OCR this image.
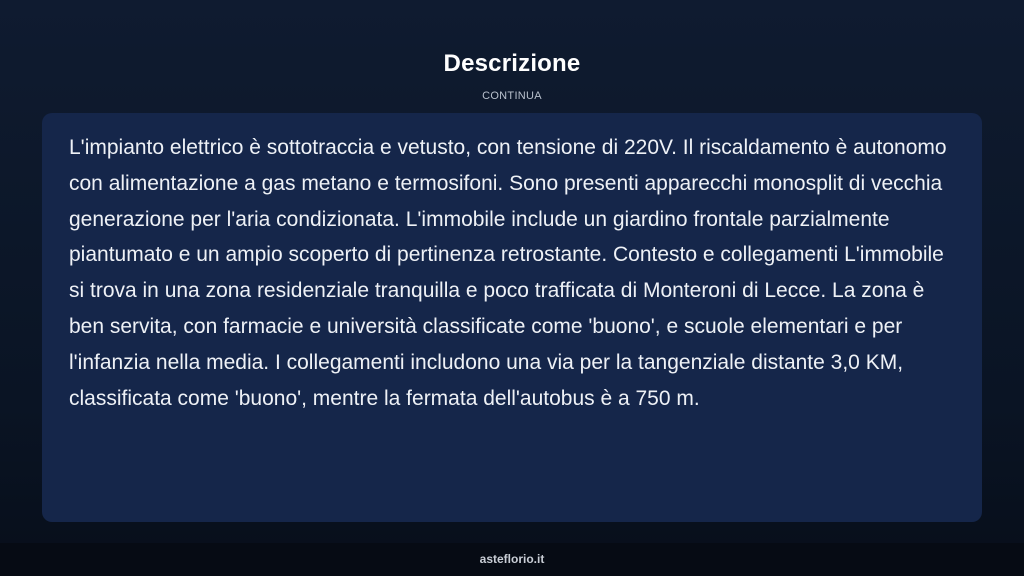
Descrizione
CONTINUA

L'impianto elettrico è sottotraccia e vetusto, con tensione di 220V. Il riscaldamento è autonomo con alimentazione a gas metano e termosifoni. Sono presenti apparecchi monosplit di vecchia generazione per l'aria condizionata. L'immobile include un giardino frontale parzialmente piantumato e un ampio scoperto di pertinenza retrostante. Contesto e collegamenti L'immobile si trova in una zona residenziale tranquilla e poco trafficata di Monteroni di Lecce. La zona è ben servita, con farmacie e università classificate come 'buono', e scuole elementari e per l'infanzia nella media. I collegamenti includono una via per la tangenziale distante 3,0 KM, classificata come 'buono', mentre la fermata dell'autobus è a 750 m.

asteflorio.it
